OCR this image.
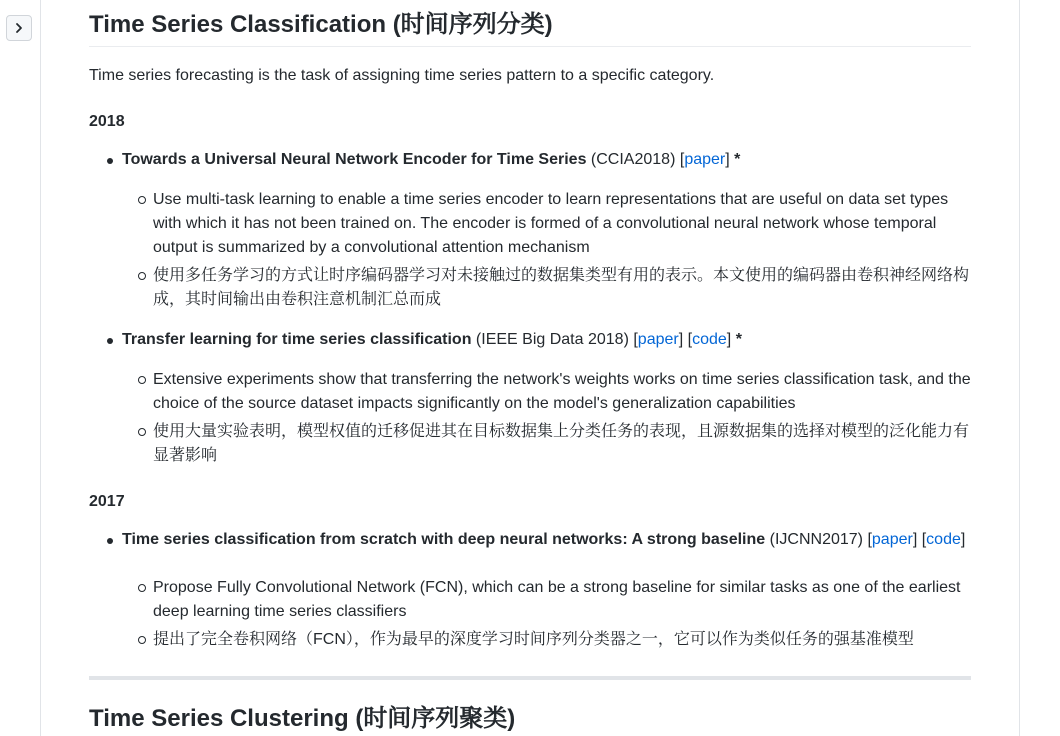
Time Series Classification (时间序列分类)

Time series forecasting is the task of assigning time series pattern to a specific category.

2018

Towards a Universal Neural Network Encoder for Time Series (CCIA2018) [paper] *
Use multi-task learning to enable a time series encoder to learn representations that are useful on data set types with which it has not been trained on. The encoder is formed of a convolutional neural network whose temporal output is summarized by a convolutional attention mechanism
使用多任务学习的方式让时序编码器学习对未接触过的数据集类型有用的表示。本文使用的编码器由卷积神经网络构成，其时间输出由卷积注意机制汇总而成
Transfer learning for time series classification (IEEE Big Data 2018) [paper] [code] *
Extensive experiments show that transferring the network's weights works on time series classification task, and the choice of the source dataset impacts significantly on the model's generalization capabilities
使用大量实验表明，模型权值的迁移促进其在目标数据集上分类任务的表现，且源数据集的选择对模型的泛化能力有显著影响

2017

Time series classification from scratch with deep neural networks: A strong baseline (IJCNN2017) [paper] [code]
Propose Fully Convolutional Network (FCN), which can be a strong baseline for similar tasks as one of the earliest deep learning time series classifiers
提出了完全卷积网络（FCN），作为最早的深度学习时间序列分类器之一，它可以作为类似任务的强基准模型
Time Series Clustering (时间序列聚类)
